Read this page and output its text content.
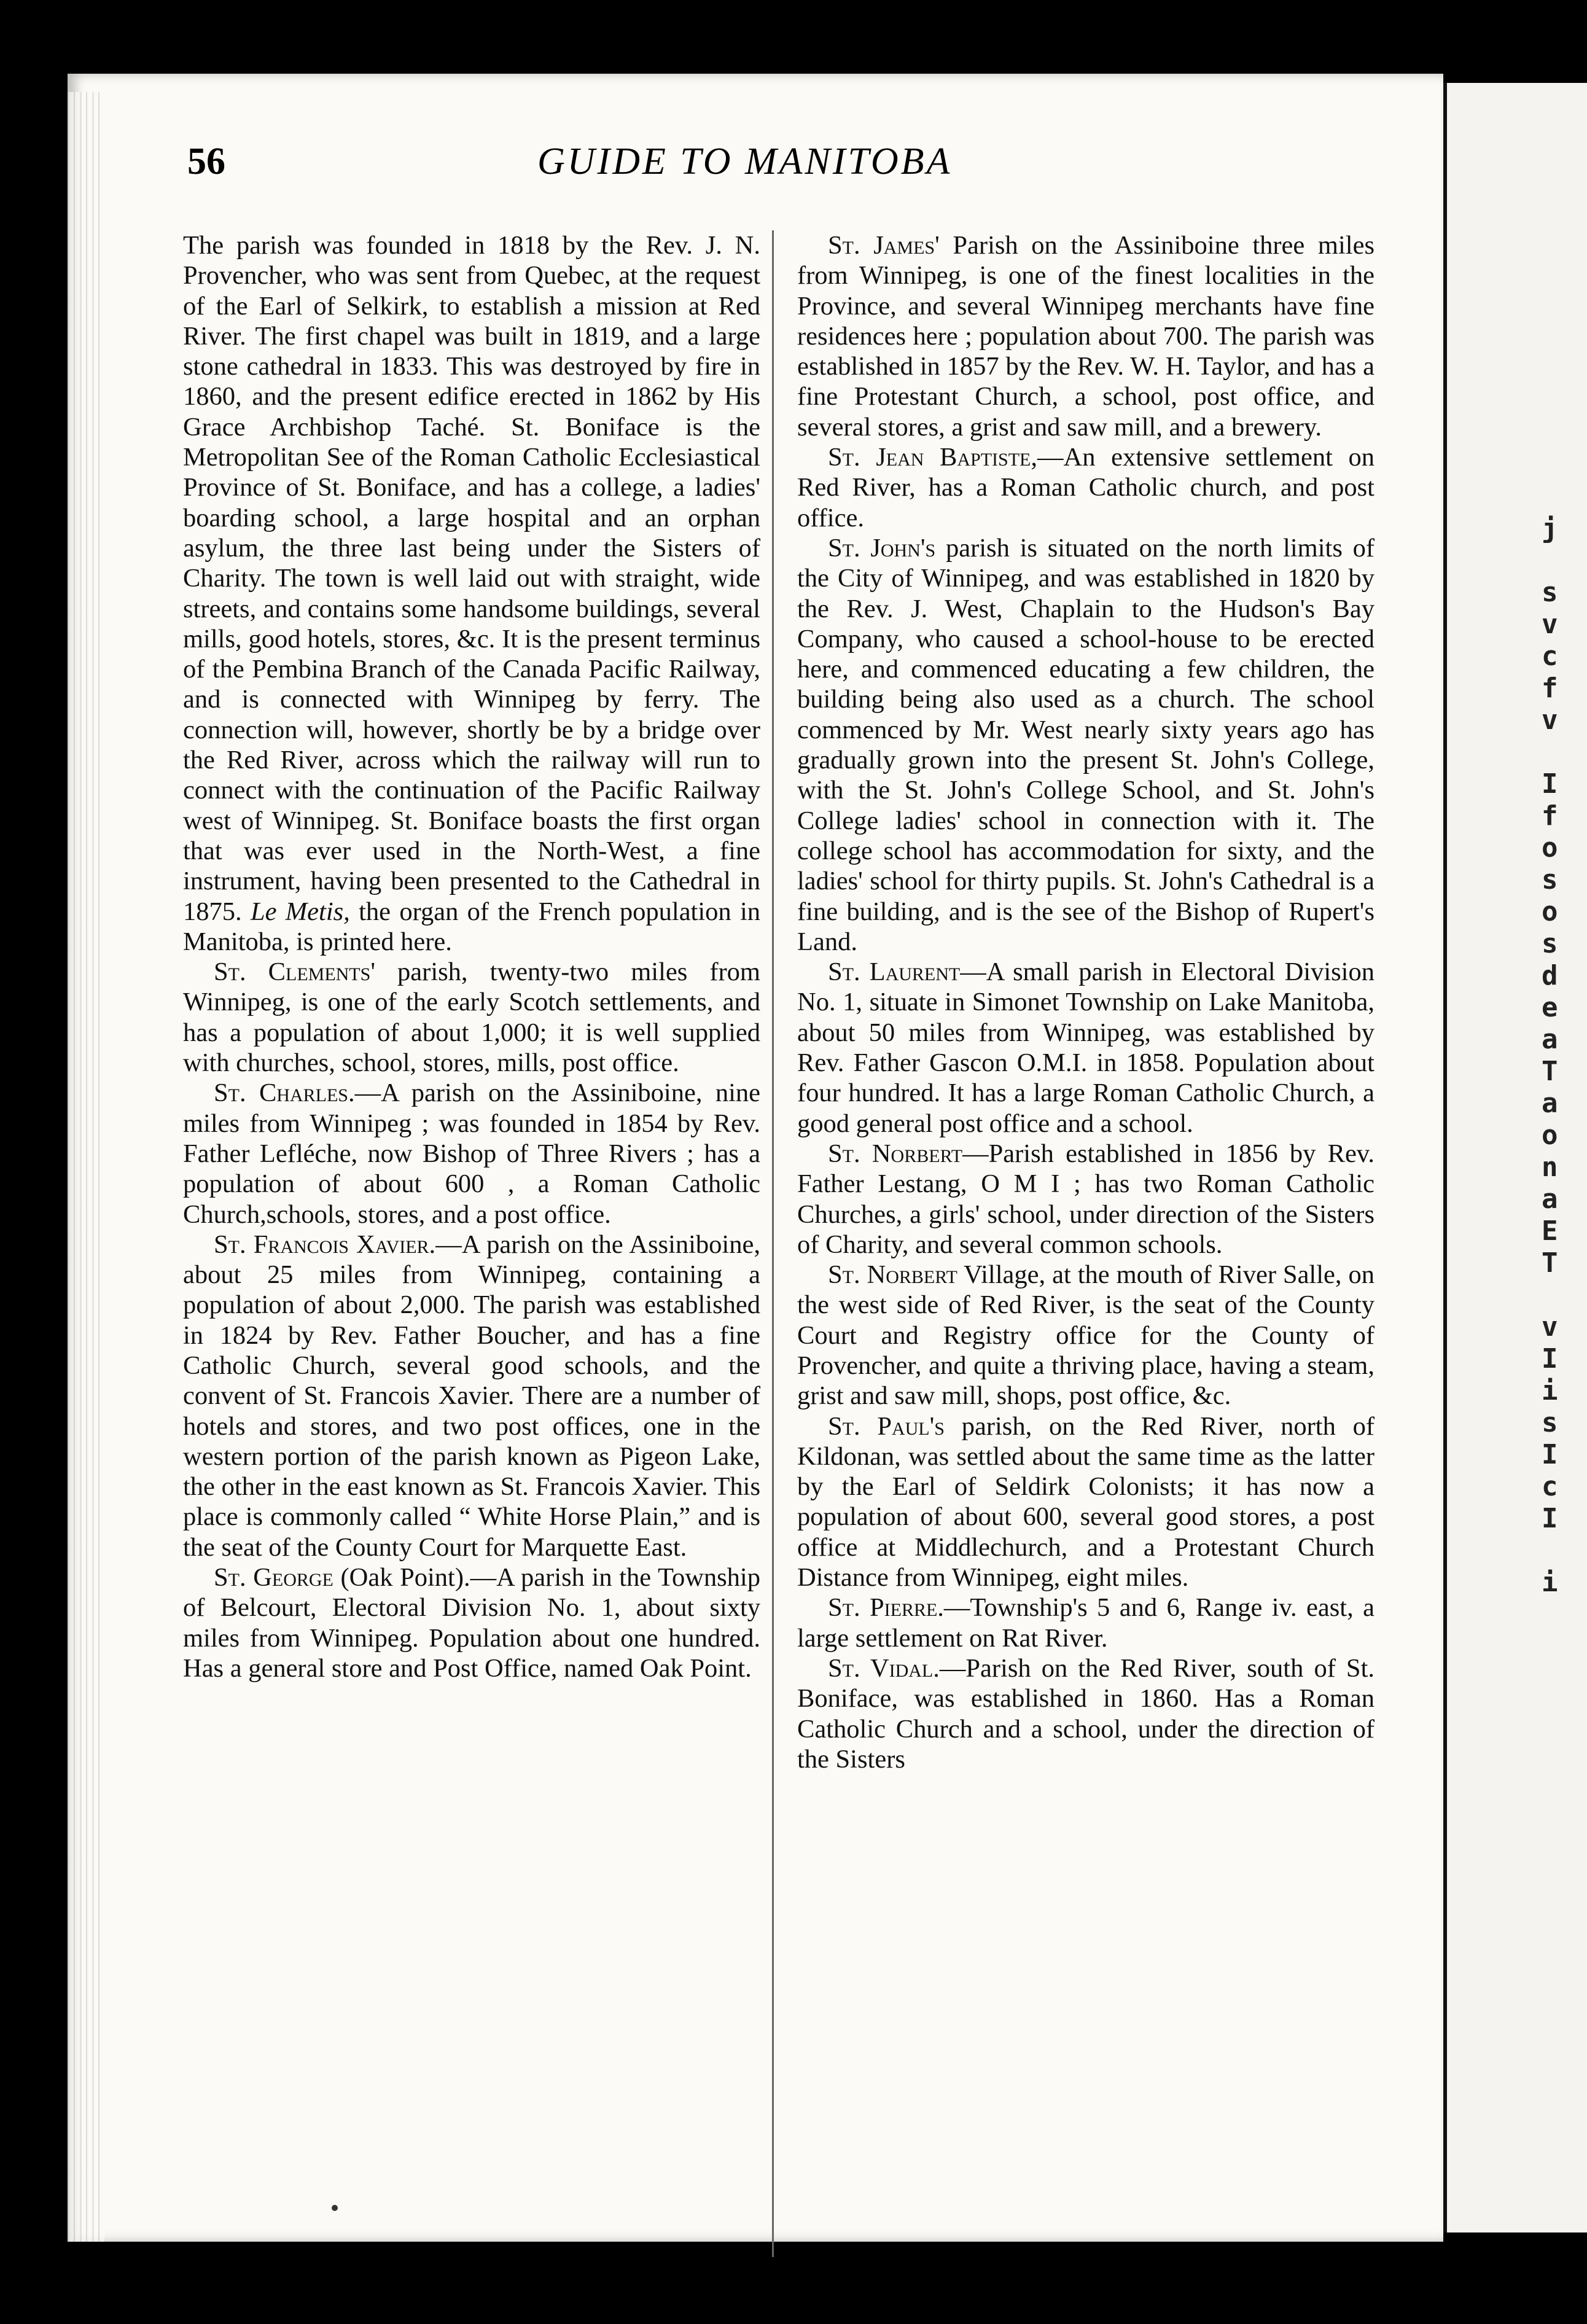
j

s
v
c
f
v

I
f
o
s
o
s
d
e
a
T
a
o
n
a
E
T

v
I
i
s
I
c
I

i
56	GUIDE TO MANITOBA

The parish was founded in 1818 by the Rev. J. N. Provencher, who was sent from Quebec, at the request of the Earl of Selkirk, to establish a mission at Red River. The first chapel was built in 1819, and a large stone cathedral in 1833. This was destroyed by fire in 1860, and the present edifice erected in 1862 by His Grace Archbishop Taché. St. Boniface is the Metropolitan See of the Roman Catholic Ecclesiastical Province of St. Boniface, and has a college, a ladies' boarding school, a large hospital and an orphan asylum, the three last being under the Sisters of Charity. The town is well laid out with straight, wide streets, and contains some handsome buildings, several mills, good hotels, stores, &c. It is the present terminus of the Pembina Branch of the Canada Pacific Railway, and is connected with Winnipeg by ferry. The connection will, however, shortly be by a bridge over the Red River, across which the railway will run to connect with the continuation of the Pacific Railway west of Winnipeg. St. Boniface boasts the first organ that was ever used in the North-West, a fine instrument, having been presented to the Cathedral in 1875. Le Metis, the organ of the French population in Manitoba, is printed here.

St. Clements' parish, twenty-two miles from Winnipeg, is one of the early Scotch settlements, and has a population of about 1,000; it is well supplied with churches, school, stores, mills, post office.

St. Charles.—A parish on the Assiniboine, nine miles from Winnipeg ; was founded in 1854 by Rev. Father Lefléche, now Bishop of Three Rivers ; has a population of about 600 , a Roman Catholic Church,schools, stores, and a post office.

St. Francois Xavier.—A parish on the Assiniboine, about 25 miles from Winnipeg, containing a population of about 2,000. The parish was established in 1824 by Rev. Father Boucher, and has a fine Catholic Church, several good schools, and the convent of St. Francois Xavier. There are a number of hotels and stores, and two post offices, one in the western portion of the parish known as Pigeon Lake, the other in the east known as St. Francois Xavier. This place is commonly called “ White Horse Plain,” and is the seat of the County Court for Marquette East.

St. George (Oak Point).—A parish in the Township of Belcourt, Electoral Division No. 1, about sixty miles from Winnipeg. Population about one hundred. Has a general store and Post Office, named Oak Point.

St. James' Parish on the Assiniboine three miles from Winnipeg, is one of the finest localities in the Province, and several Winnipeg merchants have fine residences here ; population about 700. The parish was established in 1857 by the Rev. W. H. Taylor, and has a fine Protestant Church, a school, post office, and several stores, a grist and saw mill, and a brewery.

St. Jean Baptiste,—An extensive settlement on Red River, has a Roman Catholic church, and post office.

St. John's parish is situated on the north limits of the City of Winnipeg, and was established in 1820 by the Rev. J. West, Chaplain to the Hudson's Bay Company, who caused a school-house to be erected here, and commenced educating a few children, the building being also used as a church. The school commenced by Mr. West nearly sixty years ago has gradually grown into the present St. John's College, with the St. John's College School, and St. John's College ladies' school in connection with it. The college school has accommodation for sixty, and the ladies' school for thirty pupils. St. John's Cathedral is a fine building, and is the see of the Bishop of Rupert's Land.

St. Laurent—A small parish in Electoral Division No. 1, situate in Simonet Township on Lake Manitoba, about 50 miles from Winnipeg, was established by Rev. Father Gascon O.M.I. in 1858. Population about four hundred. It has a large Roman Catholic Church, a good general post office and a school.

St. Norbert—Parish established in 1856 by Rev. Father Lestang, O M I ; has two Roman Catholic Churches, a girls' school, under direction of the Sisters of Charity, and several common schools.

St. Norbert Village, at the mouth of River Salle, on the west side of Red River, is the seat of the County Court and Registry office for the County of Provencher, and quite a thriving place, having a steam, grist and saw mill, shops, post office, &c.

St. Paul's parish, on the Red River, north of Kildonan, was settled about the same time as the latter by the Earl of Seldirk Colonists; it has now a population of about 600, several good stores, a post office at Middlechurch, and a Protestant Church Distance from Winnipeg, eight miles.

St. Pierre.—Township's 5 and 6, Range iv. east, a large settlement on Rat River.

St. Vidal.—Parish on the Red River, south of St. Boniface, was established in 1860. Has a Roman Catholic Church and a school, under the direction of the Sisters
